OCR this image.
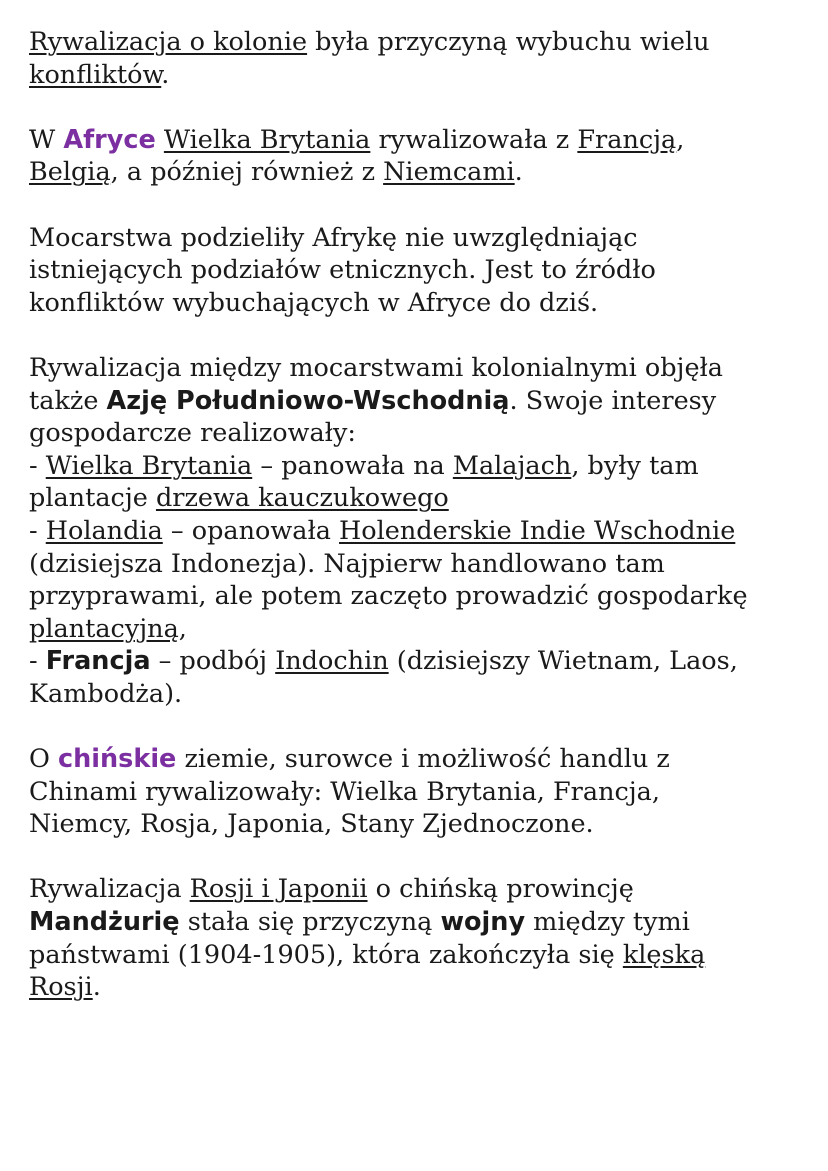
Rywalizacja o kolonie była przyczyną wybuchu wielu
konfliktów.

W Afryce Wielka Brytania rywalizowała z Francją,
Belgią, a później również z Niemcami.

Mocarstwa podzieliły Afrykę nie uwzględniając
istniejących podziałów etnicznych. Jest to źródło
konfliktów wybuchających w Afryce do dziś.

Rywalizacja między mocarstwami kolonialnymi objęła
także Azję Południowo-Wschodnią. Swoje interesy
gospodarcze realizowały:
- Wielka Brytania – panowała na Malajach, były tam
plantacje drzewa kauczukowego
- Holandia – opanowała Holenderskie Indie Wschodnie
(dzisiejsza Indonezja). Najpierw handlowano tam
przyprawami, ale potem zaczęto prowadzić gospodarkę
plantacyjną,
- Francja – podbój Indochin (dzisiejszy Wietnam, Laos,
Kambodża).

O chińskie ziemie, surowce i możliwość handlu z
Chinami rywalizowały: Wielka Brytania, Francja,
Niemcy, Rosja, Japonia, Stany Zjednoczone.

Rywalizacja Rosji i Japonii o chińską prowincję
Mandżurię stała się przyczyną wojny między tymi
państwami (1904-1905), która zakończyła się klęską
Rosji.
